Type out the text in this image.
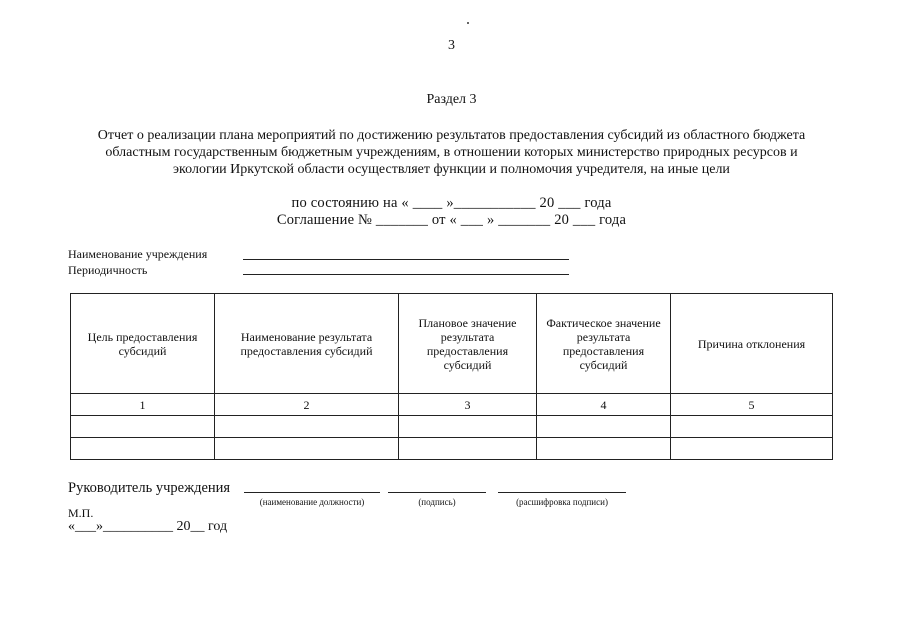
3
Раздел 3
Отчет о реализации плана мероприятий по достижению результатов предоставления субсидий из областного бюджета
областным государственным бюджетным учреждениям, в отношении которых министерство природных ресурсов и
экологии Иркутской области осуществляет функции и полномочия учредителя, на иные цели
по состоянию на « ____ »___________ 20 ___ года
Соглашение № _______ от « ___ » _______ 20 ___ года
Наименование учреждения
Периодичность
Цель предоставления субсидий	Наименование результата предоставления субсидий	Плановое значение результата предоставления субсидий	Фактическое значение результата предоставления субсидий	Причина отклонения
1	2	3	4	5

Руководитель учреждения
(наименование должности)	(подпись)	(расшифровка подписи)
М.П.
«___»__________ 20__ год
